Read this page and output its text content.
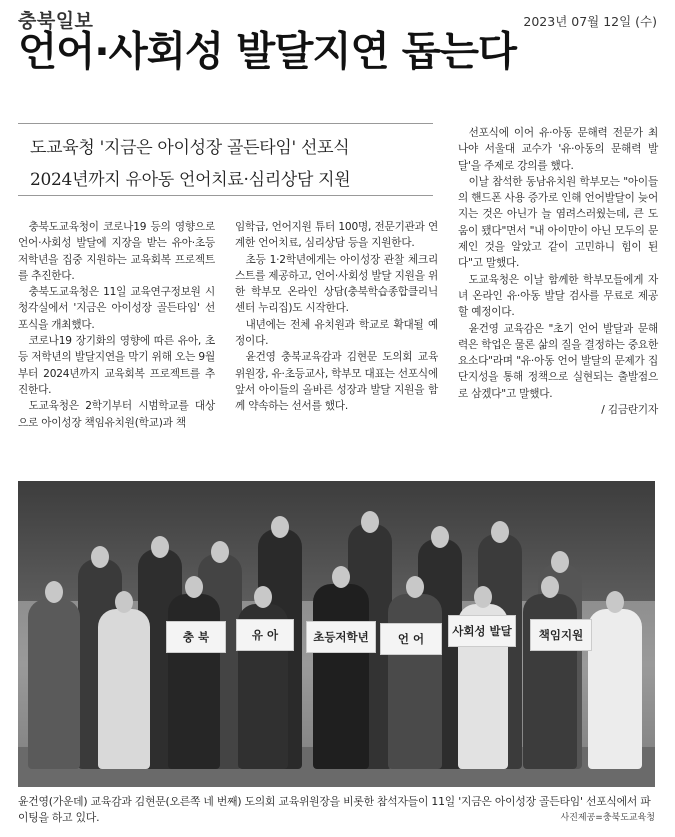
충북일보	2023년 07월 12일 (수)
언어·사회성 발달지연 돕는다
도교육청 '지금은 아이성장 골든타임' 선포식
2024년까지 유아동 언어치료·심리상담 지원

충북도교육청이 코로나19 등의 영향으로 언어·사회성 발달에 지장을 받는 유아·초등 저학년을 집중 지원하는 교육회복 프로젝트를 추진한다.

충북도교육청은 11일 교육연구정보원 시청각실에서 '지금은 아이성장 골든타임' 선포식을 개최했다.

코로나19 장기화의 영향에 따른 유아, 초등 저학년의 발달지연을 막기 위해 오는 9월부터 2024년까지 교육회복 프로젝트를 추진한다.

도교육청은 2학기부터 시범학교를 대상으로 아이성장 책임유치원(학교)과 책

임학급, 언어지원 튜터 100명, 전문기관과 연계한 언어치료, 심리상담 등을 지원한다.

초등 1·2학년에게는 아이성장 관찰 체크리스트를 제공하고, 언어·사회성 발달 지원을 위한 학부모 온라인 상담(충북학습종합클리닉센터 누리집)도 시작한다.

내년에는 전체 유치원과 학교로 확대될 예정이다.

윤건영 충북교육감과 김현문 도의회 교육위원장, 유·초등교사, 학부모 대표는 선포식에 앞서 아이들의 올바른 성장과 발달 지원을 함께 약속하는 선서를 했다.

선포식에 이어 유·아동 문해력 전문가 최나야 서울대 교수가 '유·아동의 문해력 발달'을 주제로 강의를 했다.

이날 참석한 동남유치원 학부모는 "아이들의 핸드폰 사용 증가로 인해 언어발달이 늦어지는 것은 아닌가 늘 염려스러웠는데, 큰 도움이 됐다"면서 "내 아이만이 아닌 모두의 문제인 것을 알았고 같이 고민하니 힘이 된다"고 말했다.

도교육청은 이날 함께한 학부모들에게 자녀 온라인 유·아동 발달 검사를 무료로 제공할 예정이다.

윤건영 교육감은 "초기 언어 발달과 문해력은 학업은 물론 삶의 질을 결정하는 중요한 요소다"라며 "유·아동 언어 발달의 문제가 집단지성을 통해 정책으로 실현되는 출발점으로 삼겠다"고 말했다.

/ 김금란기자

충 북	유 아	초등저학년	언 어
사회성 발달	책임지원
윤건영(가운데) 교육감과 김현문(오른쪽 네 번째) 도의회 교육위원장을 비롯한 참석자들이 11일 '지금은 아이성장 골든타임' 선포식에서 파이팅을 하고 있다.	사진제공=충북도교육청
